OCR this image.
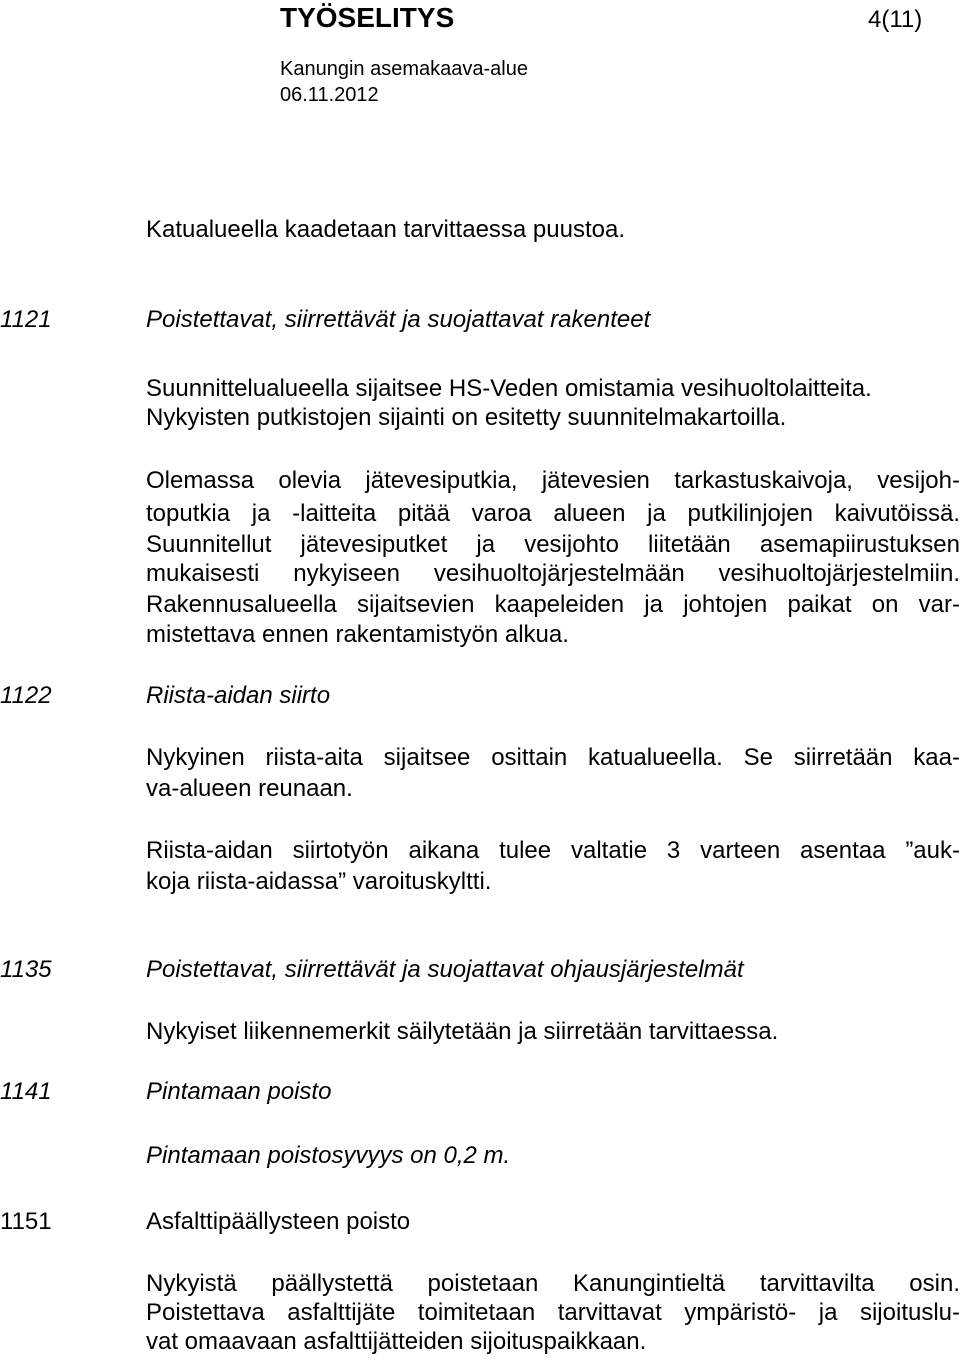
TYÖSELITYS	4(11)
Kanungin asemakaava-alue
06.11.2012
Katualueella kaadetaan tarvittaessa puustoa.
1121	Poistettavat, siirrettävät ja suojattavat rakenteet
Suunnittelualueella sijaitsee HS-Veden omistamia vesihuoltolaitteita.
Nykyisten putkistojen sijainti on esitetty suunnitelmakartoilla.
Olemassa olevia jätevesiputkia, jätevesien tarkastuskaivoja, vesijoh-
toputkia ja -laitteita pitää varoa alueen ja putkilinjojen kaivutöissä.
Suunnitellut jätevesiputket ja vesijohto liitetään asemapiirustuksen
mukaisesti nykyiseen vesihuoltojärjestelmään vesihuoltojärjestelmiin.
Rakennusalueella sijaitsevien kaapeleiden ja johtojen paikat on var-
mistettava ennen rakentamistyön alkua.
1122	Riista-aidan siirto
Nykyinen riista-aita sijaitsee osittain katualueella. Se siirretään kaa-
va-alueen reunaan.
Riista-aidan siirtotyön aikana tulee valtatie 3 varteen asentaa ”auk-
koja riista-aidassa” varoituskyltti.
1135	Poistettavat, siirrettävät ja suojattavat ohjausjärjestelmät
Nykyiset liikennemerkit säilytetään ja siirretään tarvittaessa.
1141	Pintamaan poisto
Pintamaan poistosyvyys on 0,2 m.
1151	Asfalttipäällysteen poisto
Nykyistä päällystettä poistetaan Kanungintieltä tarvittavilta osin.
Poistettava asfalttijäte toimitetaan tarvittavat ympäristö- ja sijoituslu-
vat omaavaan asfalttijätteiden sijoituspaikkaan.
